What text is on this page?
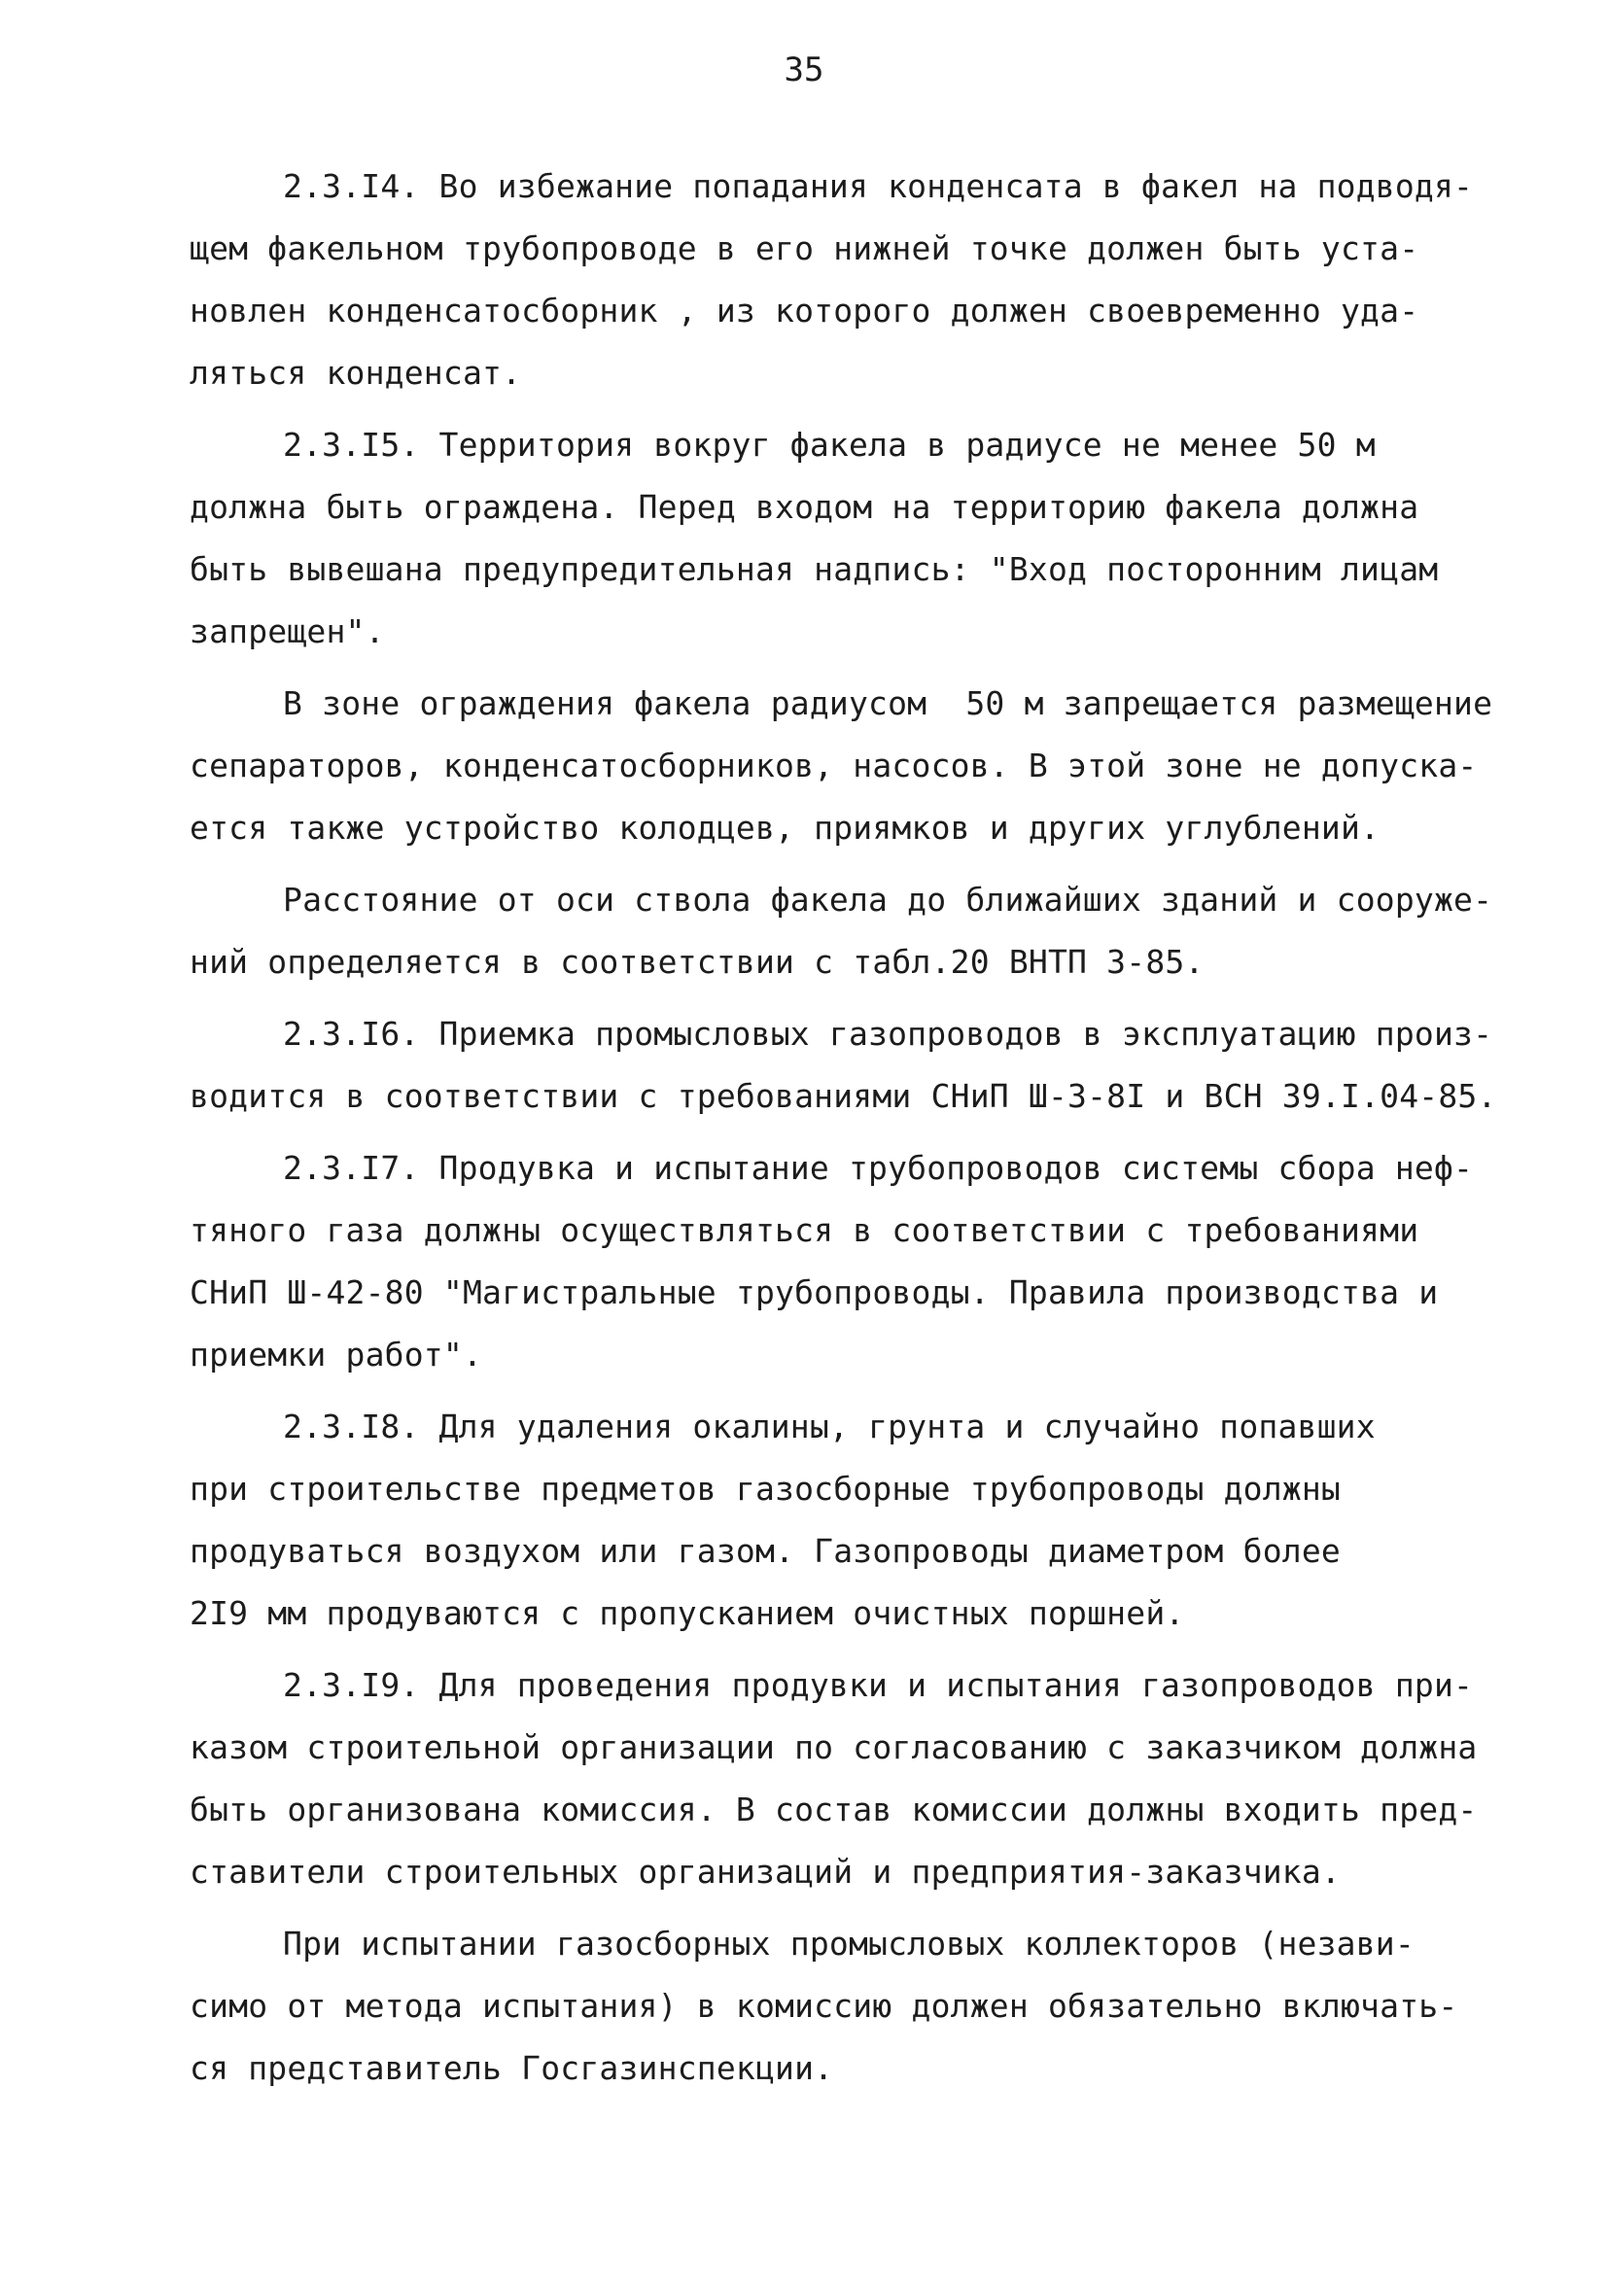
35
2.3.I4. Во избежание попадания конденсата в факел на подводя-
щем факельном трубопроводе в его нижней точке должен быть уста-
новлен конденсатосборник , из которого должен своевременно уда-
ляться конденсат.
2.3.I5. Территория вокруг факела в радиусе не менее 50 м
должна быть ограждена. Перед входом на территорию факела должна
быть вывешана предупредительная надпись: "Вход посторонним лицам
запрещен".
В зоне ограждения факела радиусом  50 м запрещается размещение
сепараторов, конденсатосборников, насосов. В этой зоне не допуска-
ется также устройство колодцев, приямков и других углублений.
Расстояние от оси ствола факела до ближайших зданий и сооруже-
ний определяется в соответствии с табл.20 ВНТП 3-85.
2.3.I6. Приемка промысловых газопроводов в эксплуатацию произ-
водится в соответствии с требованиями СНиП Ш-3-8I и ВСН 39.I.04-85.
2.3.I7. Продувка и испытание трубопроводов системы сбора неф-
тяного газа должны осуществляться в соответствии с требованиями
СНиП Ш-42-80 "Магистральные трубопроводы. Правила производства и
приемки работ".
2.3.I8. Для удаления окалины, грунта и случайно попавших
при строительстве предметов газосборные трубопроводы должны
продуваться воздухом или газом. Газопроводы диаметром более
2I9 мм продуваются с пропусканием очистных поршней.
2.3.I9. Для проведения продувки и испытания газопроводов при-
казом строительной организации по согласованию с заказчиком должна
быть организована комиссия. В состав комиссии должны входить пред-
ставители строительных организаций и предприятия-заказчика.
При испытании газосборных промысловых коллекторов (незави-
симо от метода испытания) в комиссию должен обязательно включать-
ся представитель Госгазинспекции.
